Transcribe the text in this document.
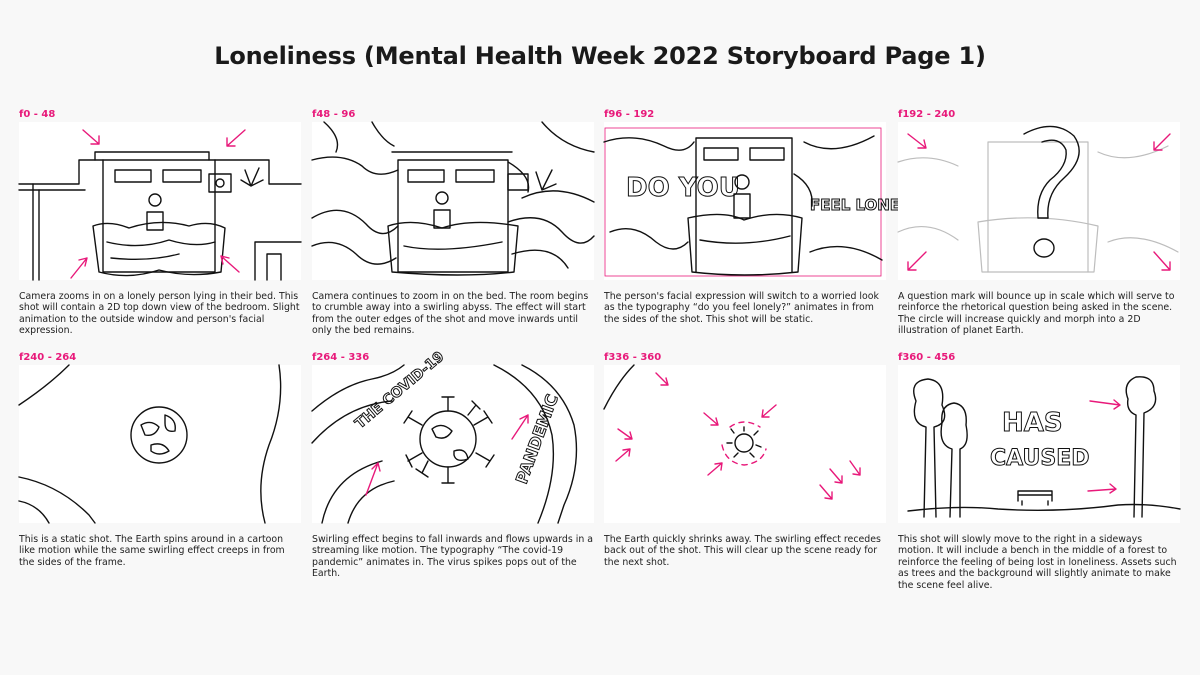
Loneliness (Mental Health Week 2022 Storyboard Page 1)
f0 - 48
Camera zooms in on a lonely person lying in their bed. This shot will contain a 2D top down view of the bedroom. Slight animation to the outside window and person's facial expression.
f48 - 96
Camera continues to zoom in on the bed. The room begins to crumble away into a swirling abyss. The effect will start from the outer edges of the shot and move inwards until only the bed remains.
f96 - 192
DO YOU
FEEL LONELY
The person's facial expression will switch to a worried look as the typography “do you feel lonely?” animates in from the sides of the shot. This shot will be static.
f192 - 240
A question mark will bounce up in scale which will serve to reinforce the rhetorical question being asked in the scene. The circle will increase quickly and morph into a 2D illustration of planet Earth.
f240 - 264
This is a static shot. The Earth spins around in a cartoon like motion while the same swirling effect creeps in from the sides of the frame.
f264 - 336
THE COVID-19
PANDEMIC
Swirling effect begins to fall inwards and flows upwards in a streaming like motion. The typography “The covid-19 pandemic” animates in. The virus spikes pops out of the Earth.
f336 - 360
The Earth quickly shrinks away. The swirling effect recedes back out of the shot. This will clear up the scene ready for the next shot.
f360 - 456
HAS
CAUSED
This shot will slowly move to the right in a sideways motion. It will include a bench in the middle of a forest to reinforce the feeling of being lost in loneliness. Assets such as trees and the background will slightly animate to make the scene feel alive.
